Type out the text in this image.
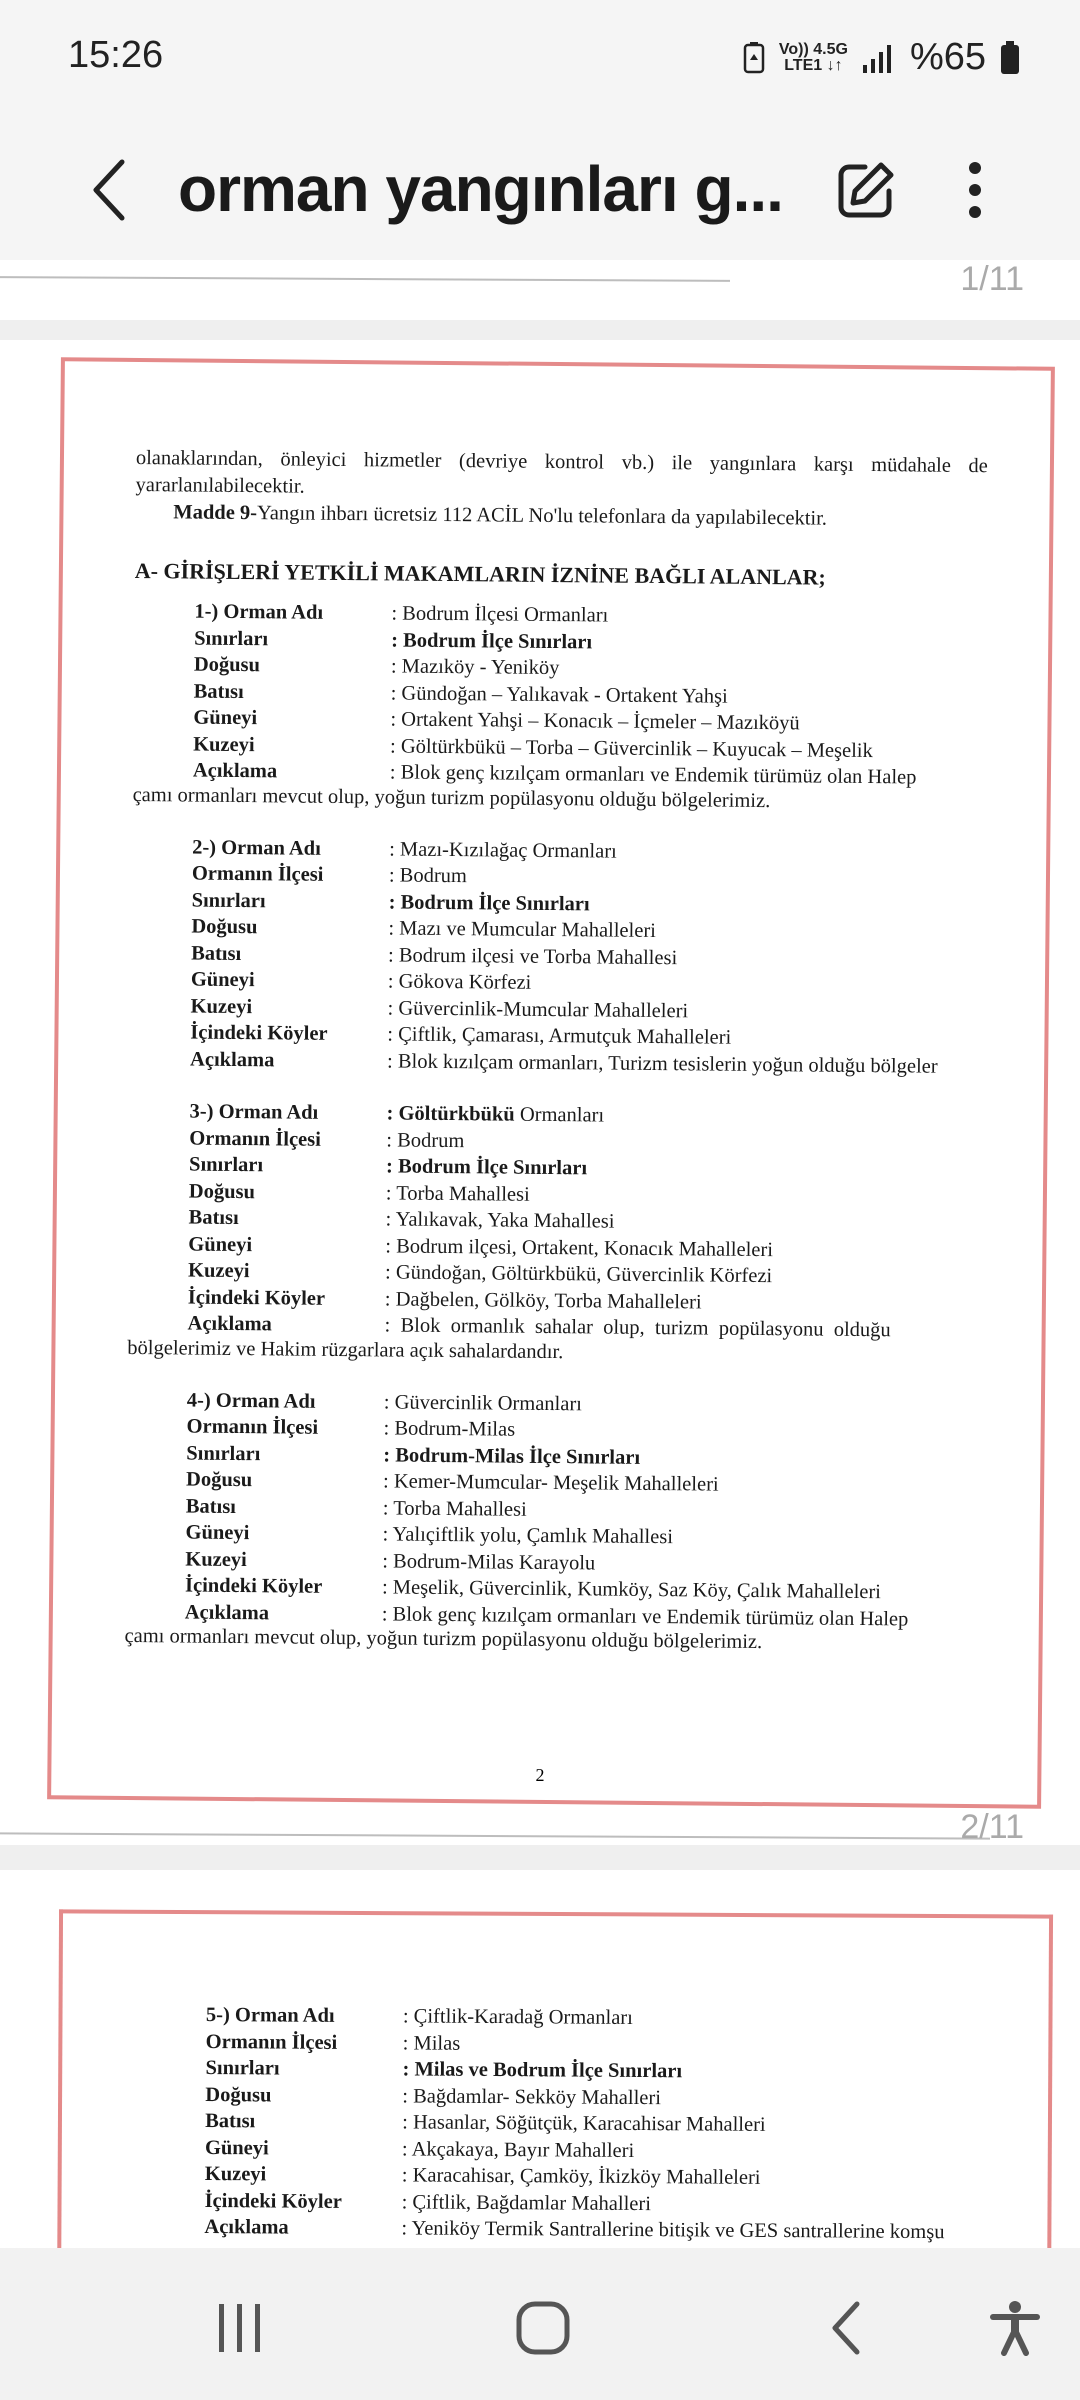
15:26	Vo)) 4.5G
LTE1 ↓↑ %65
orman yangınları g...
1/11
olanaklarından, önleyici hizmetler (devriye kontrol vb.) ile yangınlara karşı müdahale de yararlanılabilecektir.
Madde 9-Yangın ihbarı ücretsiz 112 ACİL No'lu telefonlara da yapılabilecektir.
A- GİRİŞLERİ YETKİLİ MAKAMLARIN İZNİNE BAĞLI ALANLAR;
1-) Orman Adı	: Bodrum İlçesi Ormanları
Sınırları	: Bodrum İlçe Sınırları
Doğusu	: Mazıköy - Yeniköy
Batısı	: Gündoğan – Yalıkavak - Ortakent Yahşi
Güneyi	: Ortakent Yahşi – Konacık – İçmeler – Mazıköyü
Kuzeyi	: Göltürkbükü – Torba – Güvercinlik – Kuyucak – Meşelik
Açıklama	: Blok genç kızılçam ormanları ve Endemik türümüz olan Halep
çamı ormanları mevcut olup, yoğun turizm popülasyonu olduğu bölgelerimiz.
2-) Orman Adı	: Mazı-Kızılağaç Ormanları
Ormanın İlçesi	: Bodrum
Sınırları	: Bodrum İlçe Sınırları
Doğusu	: Mazı ve Mumcular Mahalleleri
Batısı	: Bodrum ilçesi ve Torba Mahallesi
Güneyi	: Gökova Körfezi
Kuzeyi	: Güvercinlik-Mumcular Mahalleleri
İçindeki Köyler	: Çiftlik, Çamarası, Armutçuk Mahalleleri
Açıklama	: Blok kızılçam ormanları, Turizm tesislerin yoğun olduğu bölgeler
3-) Orman Adı	: Göltürkbükü Ormanları
Ormanın İlçesi	: Bodrum
Sınırları	: Bodrum İlçe Sınırları
Doğusu	: Torba Mahallesi
Batısı	: Yalıkavak, Yaka Mahallesi
Güneyi	: Bodrum ilçesi, Ortakent, Konacık Mahalleleri
Kuzeyi	: Gündoğan, Göltürkbükü, Güvercinlik Körfezi
İçindeki Köyler	: Dağbelen, Gölköy, Torba Mahalleleri
Açıklama	:  Blok  ormanlık  sahalar  olup,  turizm  popülasyonu  olduğu
bölgelerimiz ve Hakim rüzgarlara açık sahalardandır.
4-) Orman Adı	: Güvercinlik Ormanları
Ormanın İlçesi	: Bodrum-Milas
Sınırları	: Bodrum-Milas İlçe Sınırları
Doğusu	: Kemer-Mumcular- Meşelik Mahalleleri
Batısı	: Torba Mahallesi
Güneyi	: Yalıçiftlik yolu, Çamlık Mahallesi
Kuzeyi	: Bodrum-Milas Karayolu
İçindeki Köyler	: Meşelik, Güvercinlik, Kumköy, Saz Köy, Çalık Mahalleleri
Açıklama	: Blok genç kızılçam ormanları ve Endemik türümüz olan Halep
çamı ormanları mevcut olup, yoğun turizm popülasyonu olduğu bölgelerimiz.
2
2/11
5-) Orman Adı	: Çiftlik-Karadağ Ormanları
Ormanın İlçesi	: Milas
Sınırları	: Milas ve Bodrum İlçe Sınırları
Doğusu	: Bağdamlar- Sekköy Mahalleri
Batısı	: Hasanlar, Söğütçük, Karacahisar Mahalleri
Güneyi	: Akçakaya, Bayır Mahalleri
Kuzeyi	: Karacahisar, Çamköy, İkizköy Mahalleleri
İçindeki Köyler	: Çiftlik, Bağdamlar Mahalleri
Açıklama	: Yeniköy Termik Santrallerine bitişik ve GES santrallerine komşu
